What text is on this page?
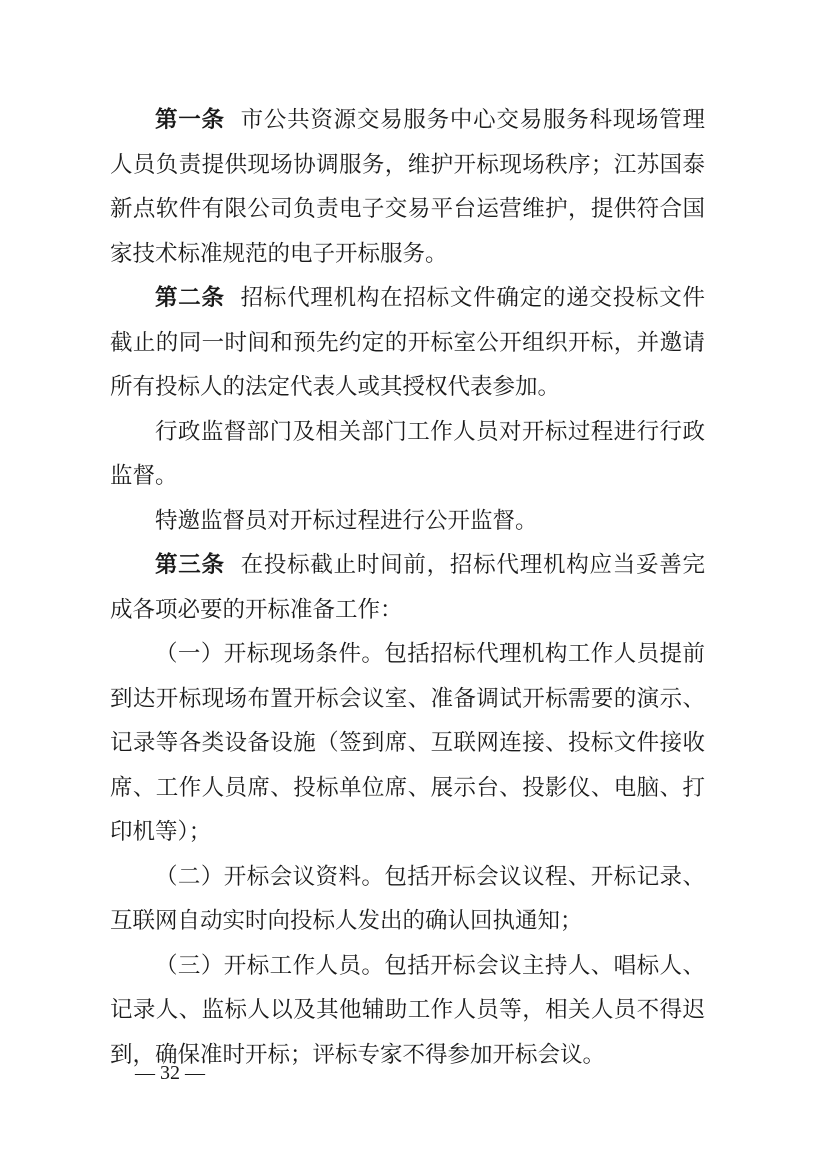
第一条 市公共资源交易服务中心交易服务科现场管理人员负责提供现场协调服务，维护开标现场秩序；江苏国泰新点软件有限公司负责电子交易平台运营维护，提供符合国家技术标准规范的电子开标服务。

第二条 招标代理机构在招标文件确定的递交投标文件截止的同一时间和预先约定的开标室公开组织开标，并邀请所有投标人的法定代表人或其授权代表参加。

行政监督部门及相关部门工作人员对开标过程进行行政监督。

特邀监督员对开标过程进行公开监督。

第三条 在投标截止时间前，招标代理机构应当妥善完成各项必要的开标准备工作：

（一）开标现场条件。包括招标代理机构工作人员提前到达开标现场布置开标会议室、准备调试开标需要的演示、记录等各类设备设施（签到席、互联网连接、投标文件接收席、工作人员席、投标单位席、展示台、投影仪、电脑、打印机等）；

（二）开标会议资料。包括开标会议议程、开标记录、互联网自动实时向投标人发出的确认回执通知；

（三）开标工作人员。包括开标会议主持人、唱标人、记录人、监标人以及其他辅助工作人员等，相关人员不得迟到，确保准时开标；评标专家不得参加开标会议。

— 32 —
